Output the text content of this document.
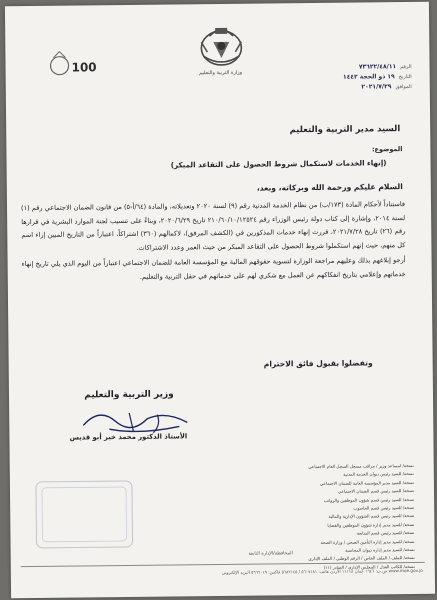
وزارة التربية والتعليم
100	الرقم
٧٣٦٢٢/٤٨/١١
التاريخ
١٩ ذو الحجة ١٤٤٢
الموافق
٢٠٢١/٧/٢٩
السيد مدير التربية والتعليم
الموضوع:
(إنهاء الخدمات لاستكمال شروط الحصول على التقاعد المبكر)
السلام عليكم ورحمة الله وبركاته، وبعد،

فاستناداً لأحكام المادة (١٧٣/ب) من نظام الخدمة المدنية رقم (٩) لسنة ٢٠٢٠ وتعديلاته، والمادة (٦٤/أ-٥) من قانون الضمان الاجتماعي رقم (١) لسنة ٢٠١٤، وإشارة إلى كتاب دولة رئيس الوزراء رقم ٢١٠/٦٠/١٠/١٢٥٢٤ تاريخ ٢٠٢٠/٦/٢٩، وبناءً على تنسيب لجنة الموارد البشرية في قرارها رقم (٢٦) تاريخ ٢٠٢١/٧/٢٨، قررت إنهاء خدمات المذكورين في (الكشف المرفق)، لاكمالهم (٣٦٠) اشتراكاً، اعتباراً من التاريخ المبين إزاء اسم كل منهم، حيث إنهم استكملوا شروط الحصول على التقاعد المبكر من حيث العمر وعدد الاشتراكات.

أرجو إبلاغهم بذلك وعليهم مراجعة الوزارة لتسوية حقوقهم المالية مع المؤسسة العامة للضمان الاجتماعي اعتباراً من اليوم الذي يلي تاريخ إنهاء خدماتهم وإعلامي بتاريخ انفكاكهم عن العمل مع شكري لهم على خدماتهم في حقل التربية والتعليم.

وتفضلوا بقبول فائق الاحترام
وزير التربية والتعليم
الأستاذ الدكتور محمد خير أبو قديس
نسخة/ لمساعد وزير / مراقب مسجل السجل العام الاجتماعي
نسخة/ للسيد رئيس ديوان الخدمة المدنية
نسخة/ للسيد مدير المؤسسة العامة للضمان الاجتماعي
نسخة/ للسيد رئيس قسم الضمان الاجتماعي
نسخة/ للسيد رئيس قسم شؤون الموظفين والرواتب
نسخة/ للسيد رئيس قسم الحاسوب
نسخة/ للسيد رئيس قسم الشؤون الإدارية والمالية
نسخة/ للسيد مدير إدارة شؤون الموظفين والقضايا
نسخة/ للسيد رئيس قسم المتابعة
نسخة/ للسيد مدير إدارة التأمين الصحي / وزارة الصحة
نسخة/ للسيد مدير إدارة ديوان المحاسبة
نسخة/ للملف / الملف الخاص / الرقم الوطني / الملف الإداري
نسخة/ للكاتب العدل / المجلس الإداري / الصادر (١١)
المحافظة/الإدارة التابعة
www.moe.gov.jo ص.ب: ١٦٤٦ عمان ١١١١٨ الأردن هاتف: ٥٦٠٧١٨١ / ٥٦٨٢١٤٥ فاكس: ٥٦٦٦٠١٩ البريد الإلكتروني
